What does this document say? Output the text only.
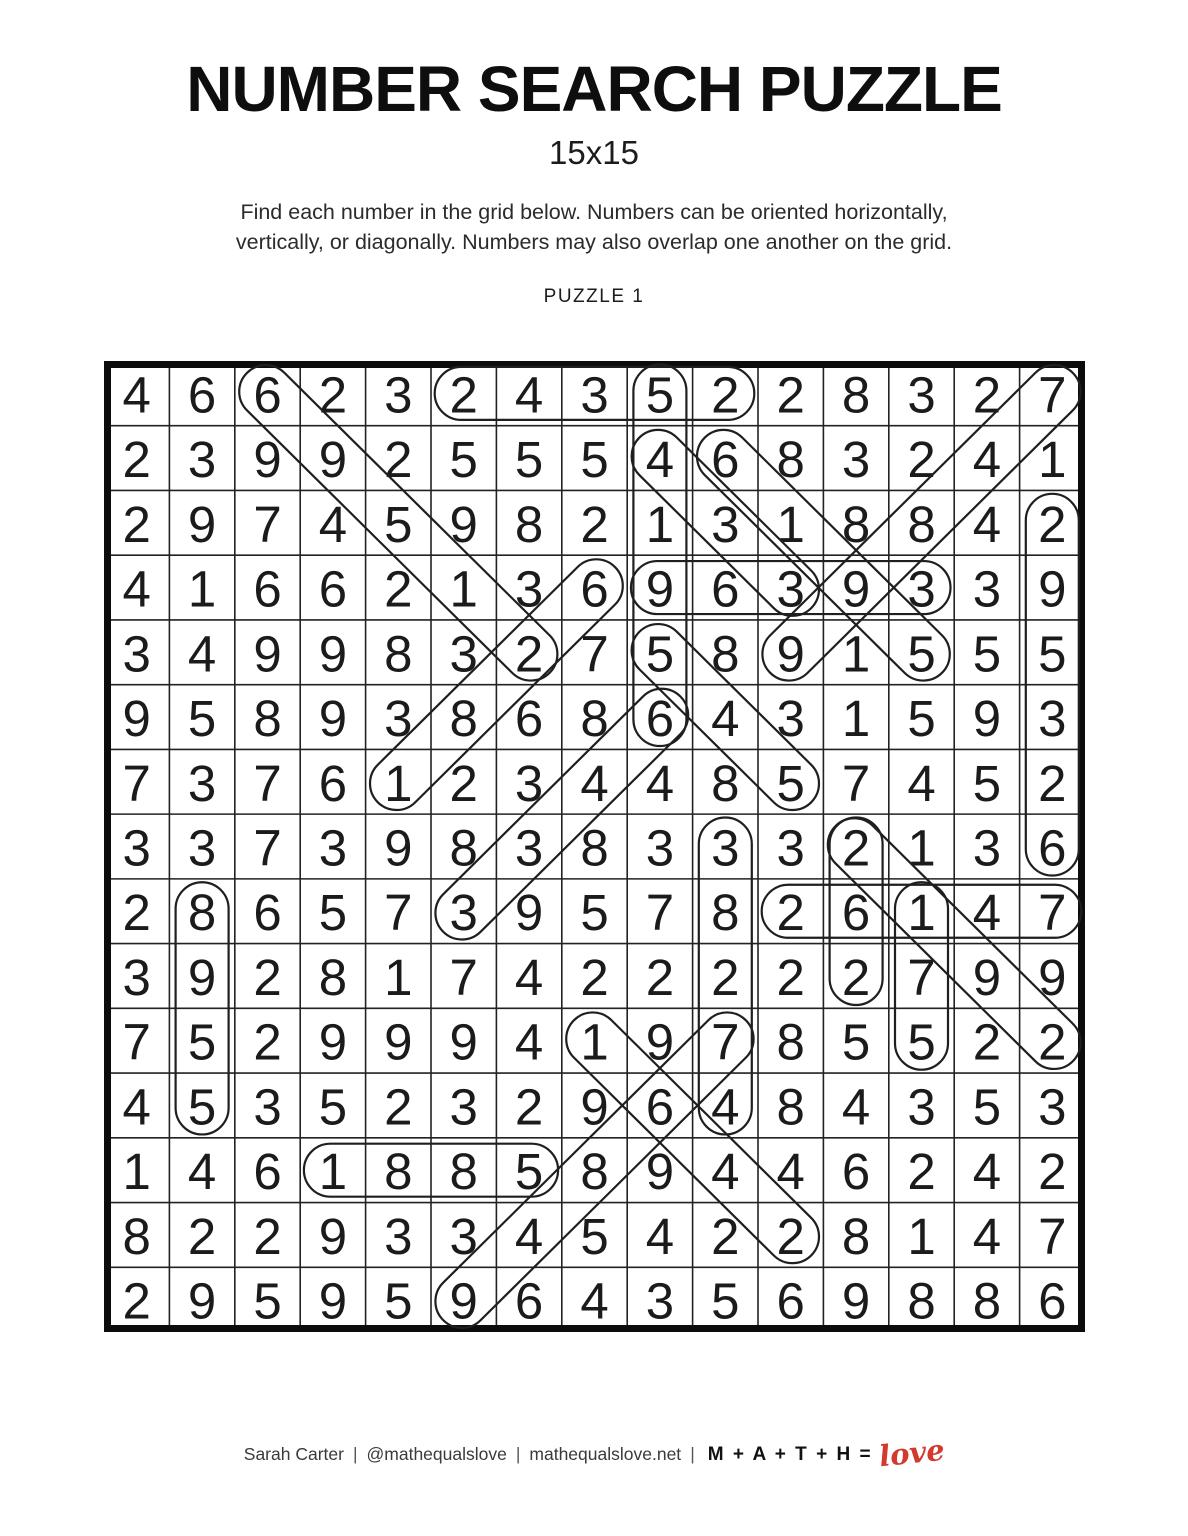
NUMBER SEARCH PUZZLE
15x15
Find each number in the grid below. Numbers can be oriented horizontally,
vertically, or diagonally. Numbers may also overlap one another on the grid.
PUZZLE 1
4 6 6 2 3 2 4 3 5 2 2 8 3 2 7
2 3 9 9 2 5 5 5 4 6 8 3 2 4 1
2 9 7 4 5 9 8 2 1 3 1 8 8 4 2
4 1 6 6 2 1 3 6 9 6 3 9 3 3 9
3 4 9 9 8 3 2 7 5 8 9 1 5 5 5
9 5 8 9 3 8 6 8 6 4 3 1 5 9 3
7 3 7 6 1 2 3 4 4 8 5 7 4 5 2
3 3 7 3 9 8 3 8 3 3 3 2 1 3 6
2 8 6 5 7 3 9 5 7 8 2 6 1 4 7
3 9 2 8 1 7 4 2 2 2 2 2 7 9 9
7 5 2 9 9 9 4 1 9 7 8 5 5 2 2
4 5 3 5 2 3 2 9 6 4 8 4 3 5 3
1 4 6 1 8 8 5 8 9 4 4 6 2 4 2
8 2 2 9 3 3 4 5 4 2 2 8 1 4 7
2 9 5 9 5 9 6 4 3 5 6 9 8 8 6
Sarah Carter | @mathequalslove | mathequalslove.net | M + A + T + H = love
